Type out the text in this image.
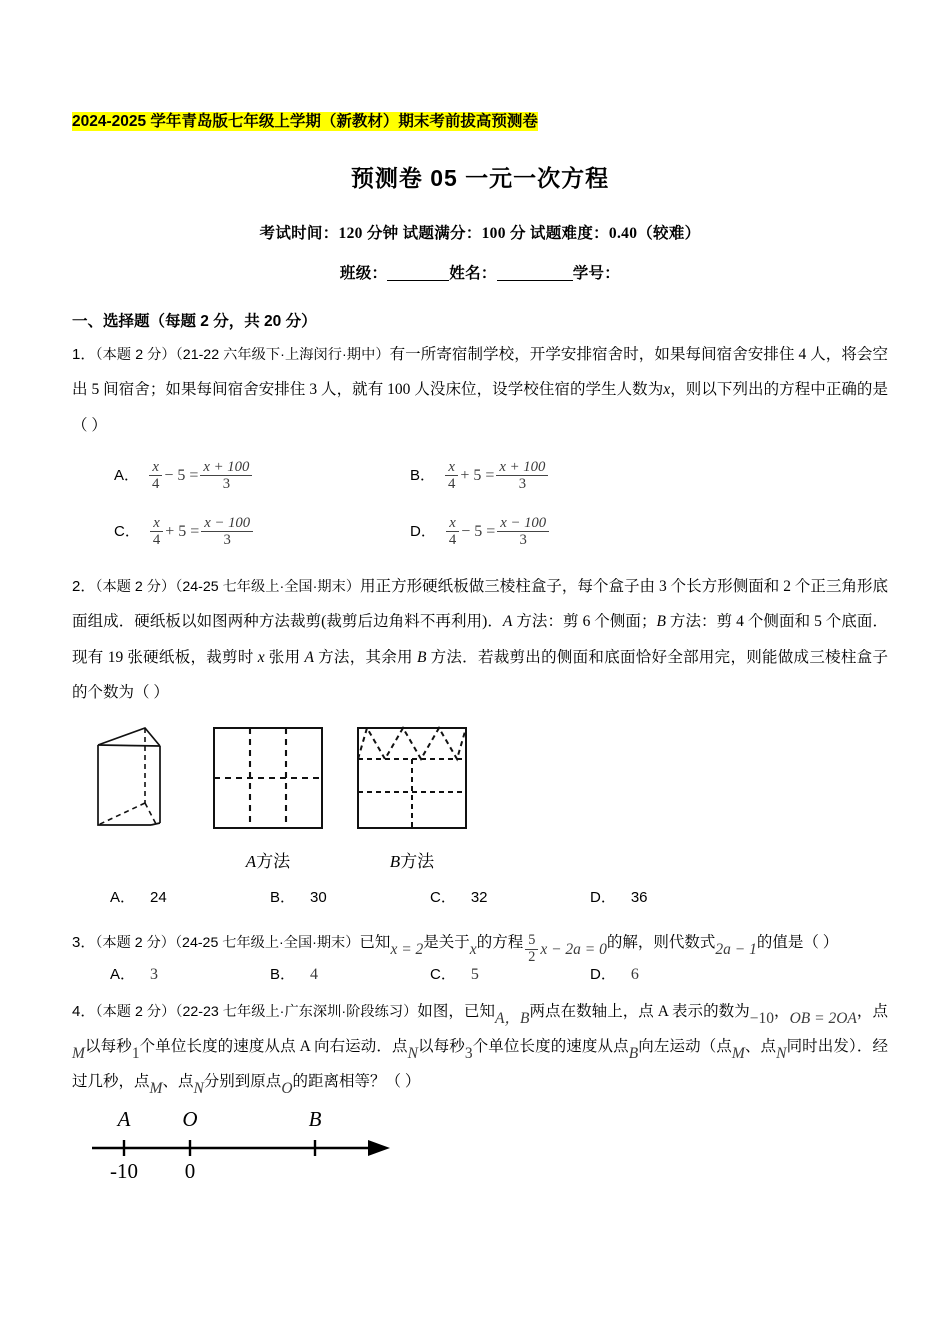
2024-2025 学年青岛版七年级上学期（新教材）期末考前拔高预测卷
预测卷 05 一元一次方程
考试时间：120 分钟 试题满分：100 分 试题难度：0.40（较难）
班级：	姓名：	学号：
一、选择题（每题 2 分，共 20 分）
1．（本题 2 分）（21-22 六年级下·上海闵行·期中）有一所寄宿制学校，开学安排宿舍时，如果每间宿舍安排住 4 人，将会空出 5 间宿舍；如果每间宿舍安排住 3 人，就有 100 人没床位，设学校住宿的学生人数为x，则以下列出的方程中正确的是（ ）
A． $\frac{x}{4} - 5 = \frac{x + 100}{3}$	B． $\frac{x}{4} + 5 = \frac{x + 100}{3}$
C． $\frac{x}{4} + 5 = \frac{x - 100}{3}$	D． $\frac{x}{4} - 5 = \frac{x - 100}{3}$
2．（本题 2 分）（24-25 七年级上·全国·期末）用正方形硬纸板做三棱柱盒子，每个盒子由 3 个长方形侧面和 2 个正三角形底面组成．硬纸板以如图两种方法裁剪(裁剪后边角料不再利用)．A 方法：剪 6 个侧面；B 方法：剪 4 个侧面和 5 个底面．现有 19 张硬纸板，裁剪时 x 张用 A 方法，其余用 B 方法．若裁剪出的侧面和底面恰好全部用完，则能做成三棱柱盒子的个数为（ ）
A方法	B方法
A． 24	B． 30	C． 32	D． 36
3．（本题 2 分）（24-25 七年级上·全国·期末）已知x = 2是关于x的方程 $\frac{5}{2}$ x − 2a = 0的解，则代数式2a − 1的值是（ ）
A． 3	B． 4	C． 5	D． 6
4．（本题 2 分）（22-23 七年级上·广东深圳·阶段练习）如图，已知A，B两点在数轴上，点 A 表示的数为−10，OB = 2OA，点M以每秒1个单位长度的速度从点 A 向右运动．点N以每秒3个单位长度的速度从点B向左运动（点M、点N同时出发）．经过几秒，点M、点N分别到原点O的距离相等？（ ）
A O	B
-10 0
